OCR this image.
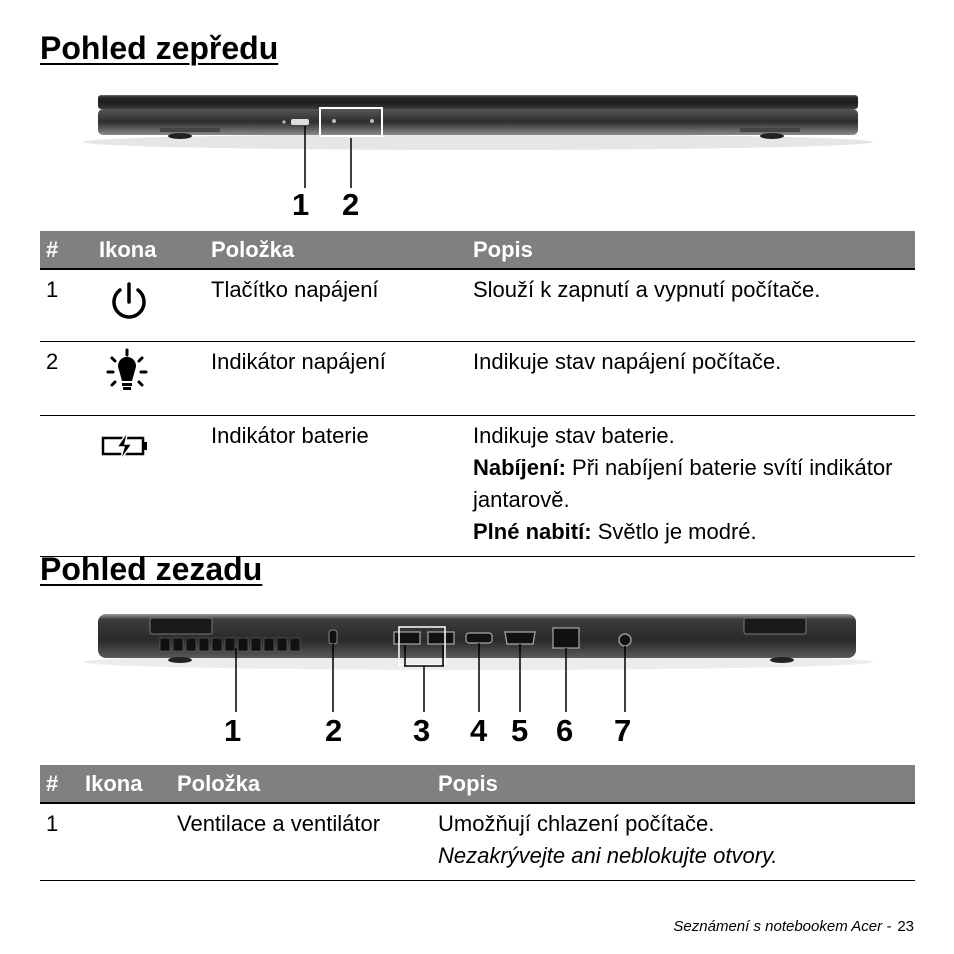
Pohled zepředu
1 2
#	Ikona	Položka	Popis
1		Tlačítko napájení	Slouží k zapnutí a vypnutí počítače.
2		Indikátor napájení	Indikuje stav napájení počítače.
		Indikátor baterie	Indikuje stav baterie.
Nabíjení: Při nabíjení baterie svítí indikátor jantarově.
Plné nabití: Světlo je modré.
Pohled zezadu
1	2 3 4 5 6 7
#	Ikona	Položka	Popis
1		Ventilace a ventilátor	Umožňují chlazení počítače.
Nezakrývejte ani neblokujte otvory.
Seznámení s notebookem Acer - 23
